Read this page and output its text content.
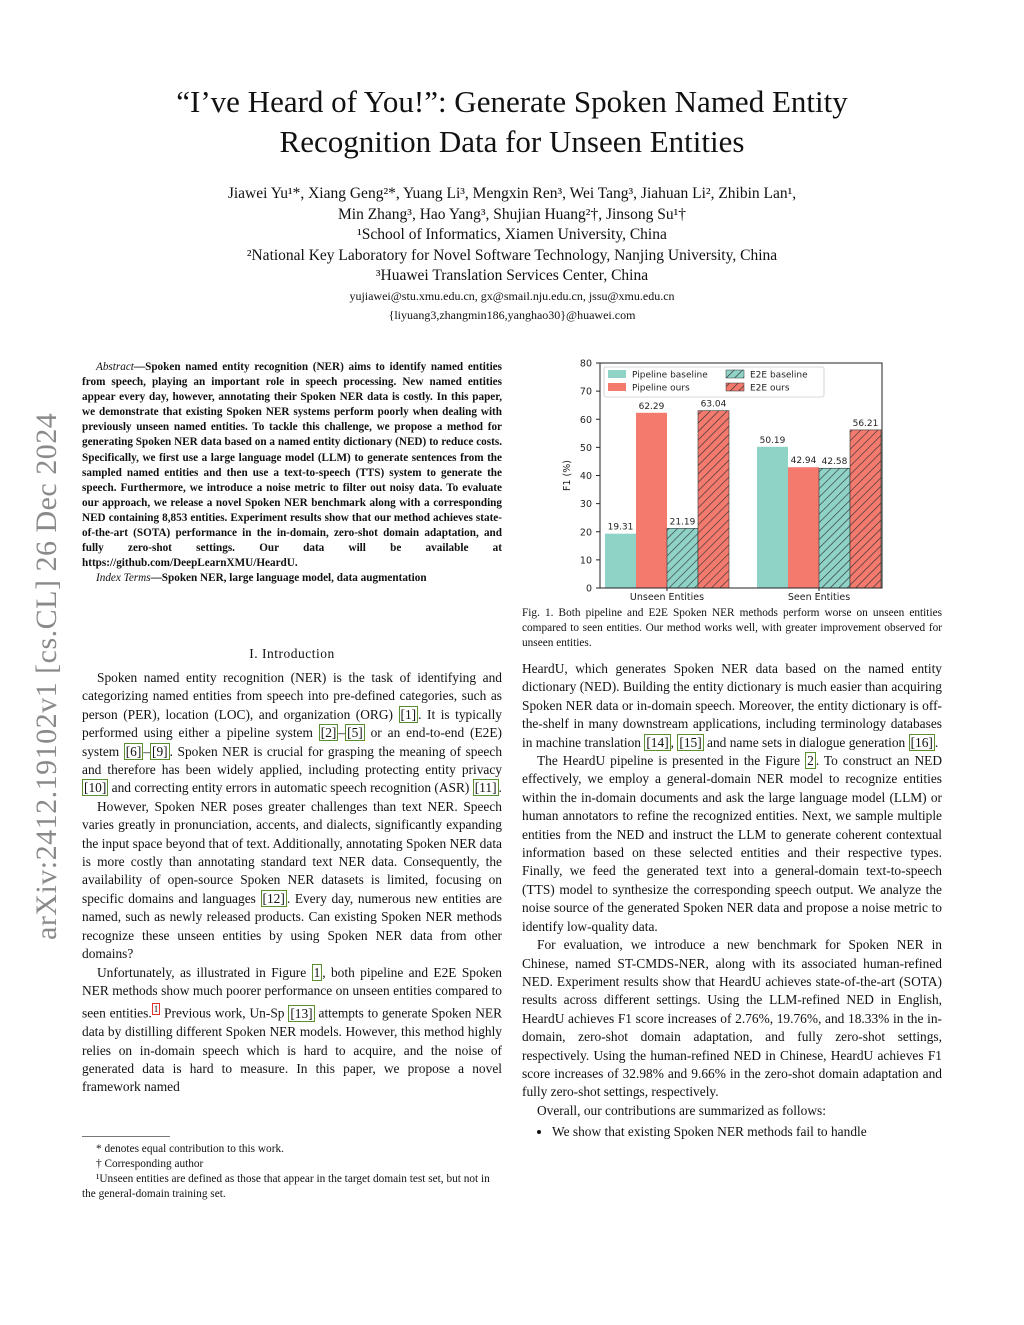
arXiv:2412.19102v1 [cs.CL] 26 Dec 2024
“I’ve Heard of You!”: Generate Spoken Named Entity Recognition Data for Unseen Entities
Jiawei Yu¹*, Xiang Geng²*, Yuang Li³, Mengxin Ren³, Wei Tang³, Jiahuan Li², Zhibin Lan¹,
Min Zhang³, Hao Yang³, Shujian Huang²†, Jinsong Su¹†
¹School of Informatics, Xiamen University, China
²National Key Laboratory for Novel Software Technology, Nanjing University, China
³Huawei Translation Services Center, China
yujiawei@stu.xmu.edu.cn, gx@smail.nju.edu.cn, jssu@xmu.edu.cn
{liyuang3,zhangmin186,yanghao30}@huawei.com
Abstract—Spoken named entity recognition (NER) aims to identify named entities from speech, playing an important role in speech processing. New named entities appear every day, however, annotating their Spoken NER data is costly. In this paper, we demonstrate that existing Spoken NER systems perform poorly when dealing with previously unseen named entities. To tackle this challenge, we propose a method for generating Spoken NER data based on a named entity dictionary (NED) to reduce costs. Specifically, we first use a large language model (LLM) to generate sentences from the sampled named entities and then use a text-to-speech (TTS) system to generate the speech. Furthermore, we introduce a noise metric to filter out noisy data. To evaluate our approach, we release a novel Spoken NER benchmark along with a corresponding NED containing 8,853 entities. Experiment results show that our method achieves state-of-the-art (SOTA) performance in the in-domain, zero-shot domain adaptation, and fully zero-shot settings. Our data will be available at https://github.com/DeepLearnXMU/HeardU.
Index Terms—Spoken NER, large language model, data augmentation
I. Introduction

Spoken named entity recognition (NER) is the task of identifying and categorizing named entities from speech into pre-defined categories, such as person (PER), location (LOC), and organization (ORG) [1] . It is typically performed using either a pipeline system [2] – [5] or an end-to-end (E2E) system [6] – [9] . Spoken NER is crucial for grasping the meaning of speech and therefore has been widely applied, including protecting entity privacy [10] and correcting entity errors in automatic speech recognition (ASR) [11] .

However, Spoken NER poses greater challenges than text NER. Speech varies greatly in pronunciation, accents, and dialects, significantly expanding the input space beyond that of text. Additionally, annotating Spoken NER data is more costly than annotating standard text NER data. Consequently, the availability of open-source Spoken NER datasets is limited, focusing on specific domains and languages [12] . Every day, numerous new entities are named, such as newly released products. Can existing Spoken NER methods recognize these unseen entities by using Spoken NER data from other domains?

Unfortunately, as illustrated in Figure 1 , both pipeline and E2E Spoken NER methods show much poorer performance on unseen entities compared to seen entities. $^1$ Previous work, Un-Sp [13] attempts to generate Spoken NER data by distilling different Spoken NER models. However, this method highly relies on in-domain speech which is hard to acquire, and the noise of generated data is hard to measure. In this paper, we propose a novel framework named

* denotes equal contribution to this work.

† Corresponding author

¹Unseen entities are defined as those that appear in the target domain test set, but not in the general-domain training set.

0
10
20
30
40
50
60
70
80
F1 (%)
19.31
62.29
21.19
63.04
Unseen Entities
50.19
42.94 42.58
56.21
Seen Entities
Pipeline baseline
Pipeline ours
E2E baseline
E2E ours
Fig. 1. Both pipeline and E2E Spoken NER methods perform worse on unseen entities compared to seen entities. Our method works well, with greater improvement observed for unseen entities.

HeardU, which generates Spoken NER data based on the named entity dictionary (NED). Building the entity dictionary is much easier than acquiring Spoken NER data or in-domain speech. Moreover, the entity dictionary is off-the-shelf in many downstream applications, including terminology databases in machine translation [14] , [15] and name sets in dialogue generation [16] .

The HeardU pipeline is presented in the Figure 2 . To construct an NED effectively, we employ a general-domain NER model to recognize entities within the in-domain documents and ask the large language model (LLM) or human annotators to refine the recognized entities. Next, we sample multiple entities from the NED and instruct the LLM to generate coherent contextual information based on these selected entities and their respective types. Finally, we feed the generated text into a general-domain text-to-speech (TTS) model to synthesize the corresponding speech output. We analyze the noise source of the generated Spoken NER data and propose a noise metric to identify low-quality data.

For evaluation, we introduce a new benchmark for Spoken NER in Chinese, named ST-CMDS-NER, along with its associated human-refined NED. Experiment results show that HeardU achieves state-of-the-art (SOTA) results across different settings. Using the LLM-refined NED in English, HeardU achieves F1 score increases of 2.76%, 19.76%, and 18.33% in the in-domain, zero-shot domain adaptation, and fully zero-shot settings, respectively. Using the human-refined NED in Chinese, HeardU achieves F1 score increases of 32.98% and 9.66% in the zero-shot domain adaptation and fully zero-shot settings, respectively.

Overall, our contributions are summarized as follows:

• We show that existing Spoken NER methods fail to handle
